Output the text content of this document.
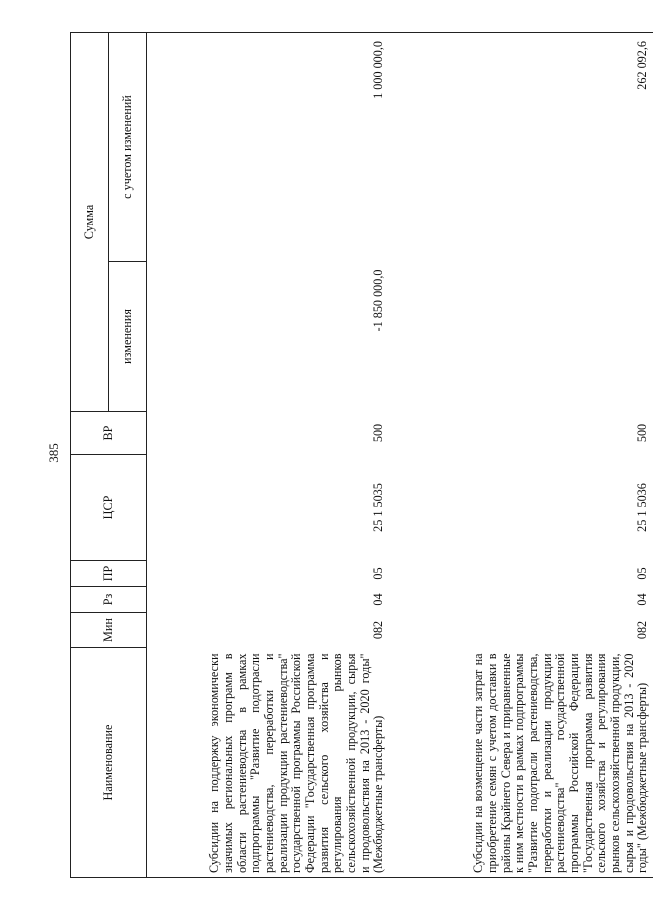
385
Наименование	Мин	Рз	ПР	ЦСР	ВР	Сумма	
						изменения	с учетом изменений
Субсидии на поддержку экономически значимых региональных программ в области растениеводства в рамках подпрограммы "Развитие подотрасли растениеводства, переработки и реализации продукции растениеводства" государственной программы Российской Федерации "Государственная программа развития сельского хозяйства и регулирования рынков сельскохозяйственной продукции, сырья и продовольствия на 2013 - 2020 годы" (Межбюджетные трансферты)	082	04	05	25 1 5035	500	-1 850 000,0	1 000 000,0
Субсидии на возмещение части затрат на приобретение семян с учетом доставки в районы Крайнего Севера и приравненные к ним местности в рамках подпрограммы "Развитие подотрасли растениеводства, переработки и реализации продукции растениеводства" государственной программы Российской Федерации "Государственная программа развития сельского хозяйства и регулирования рынков сельскохозяйственной продукции, сырья и продовольствия на 2013 - 2020 годы" (Межбюджетные трансферты)	082	04	05	25 1 5036	500		262 092,6
